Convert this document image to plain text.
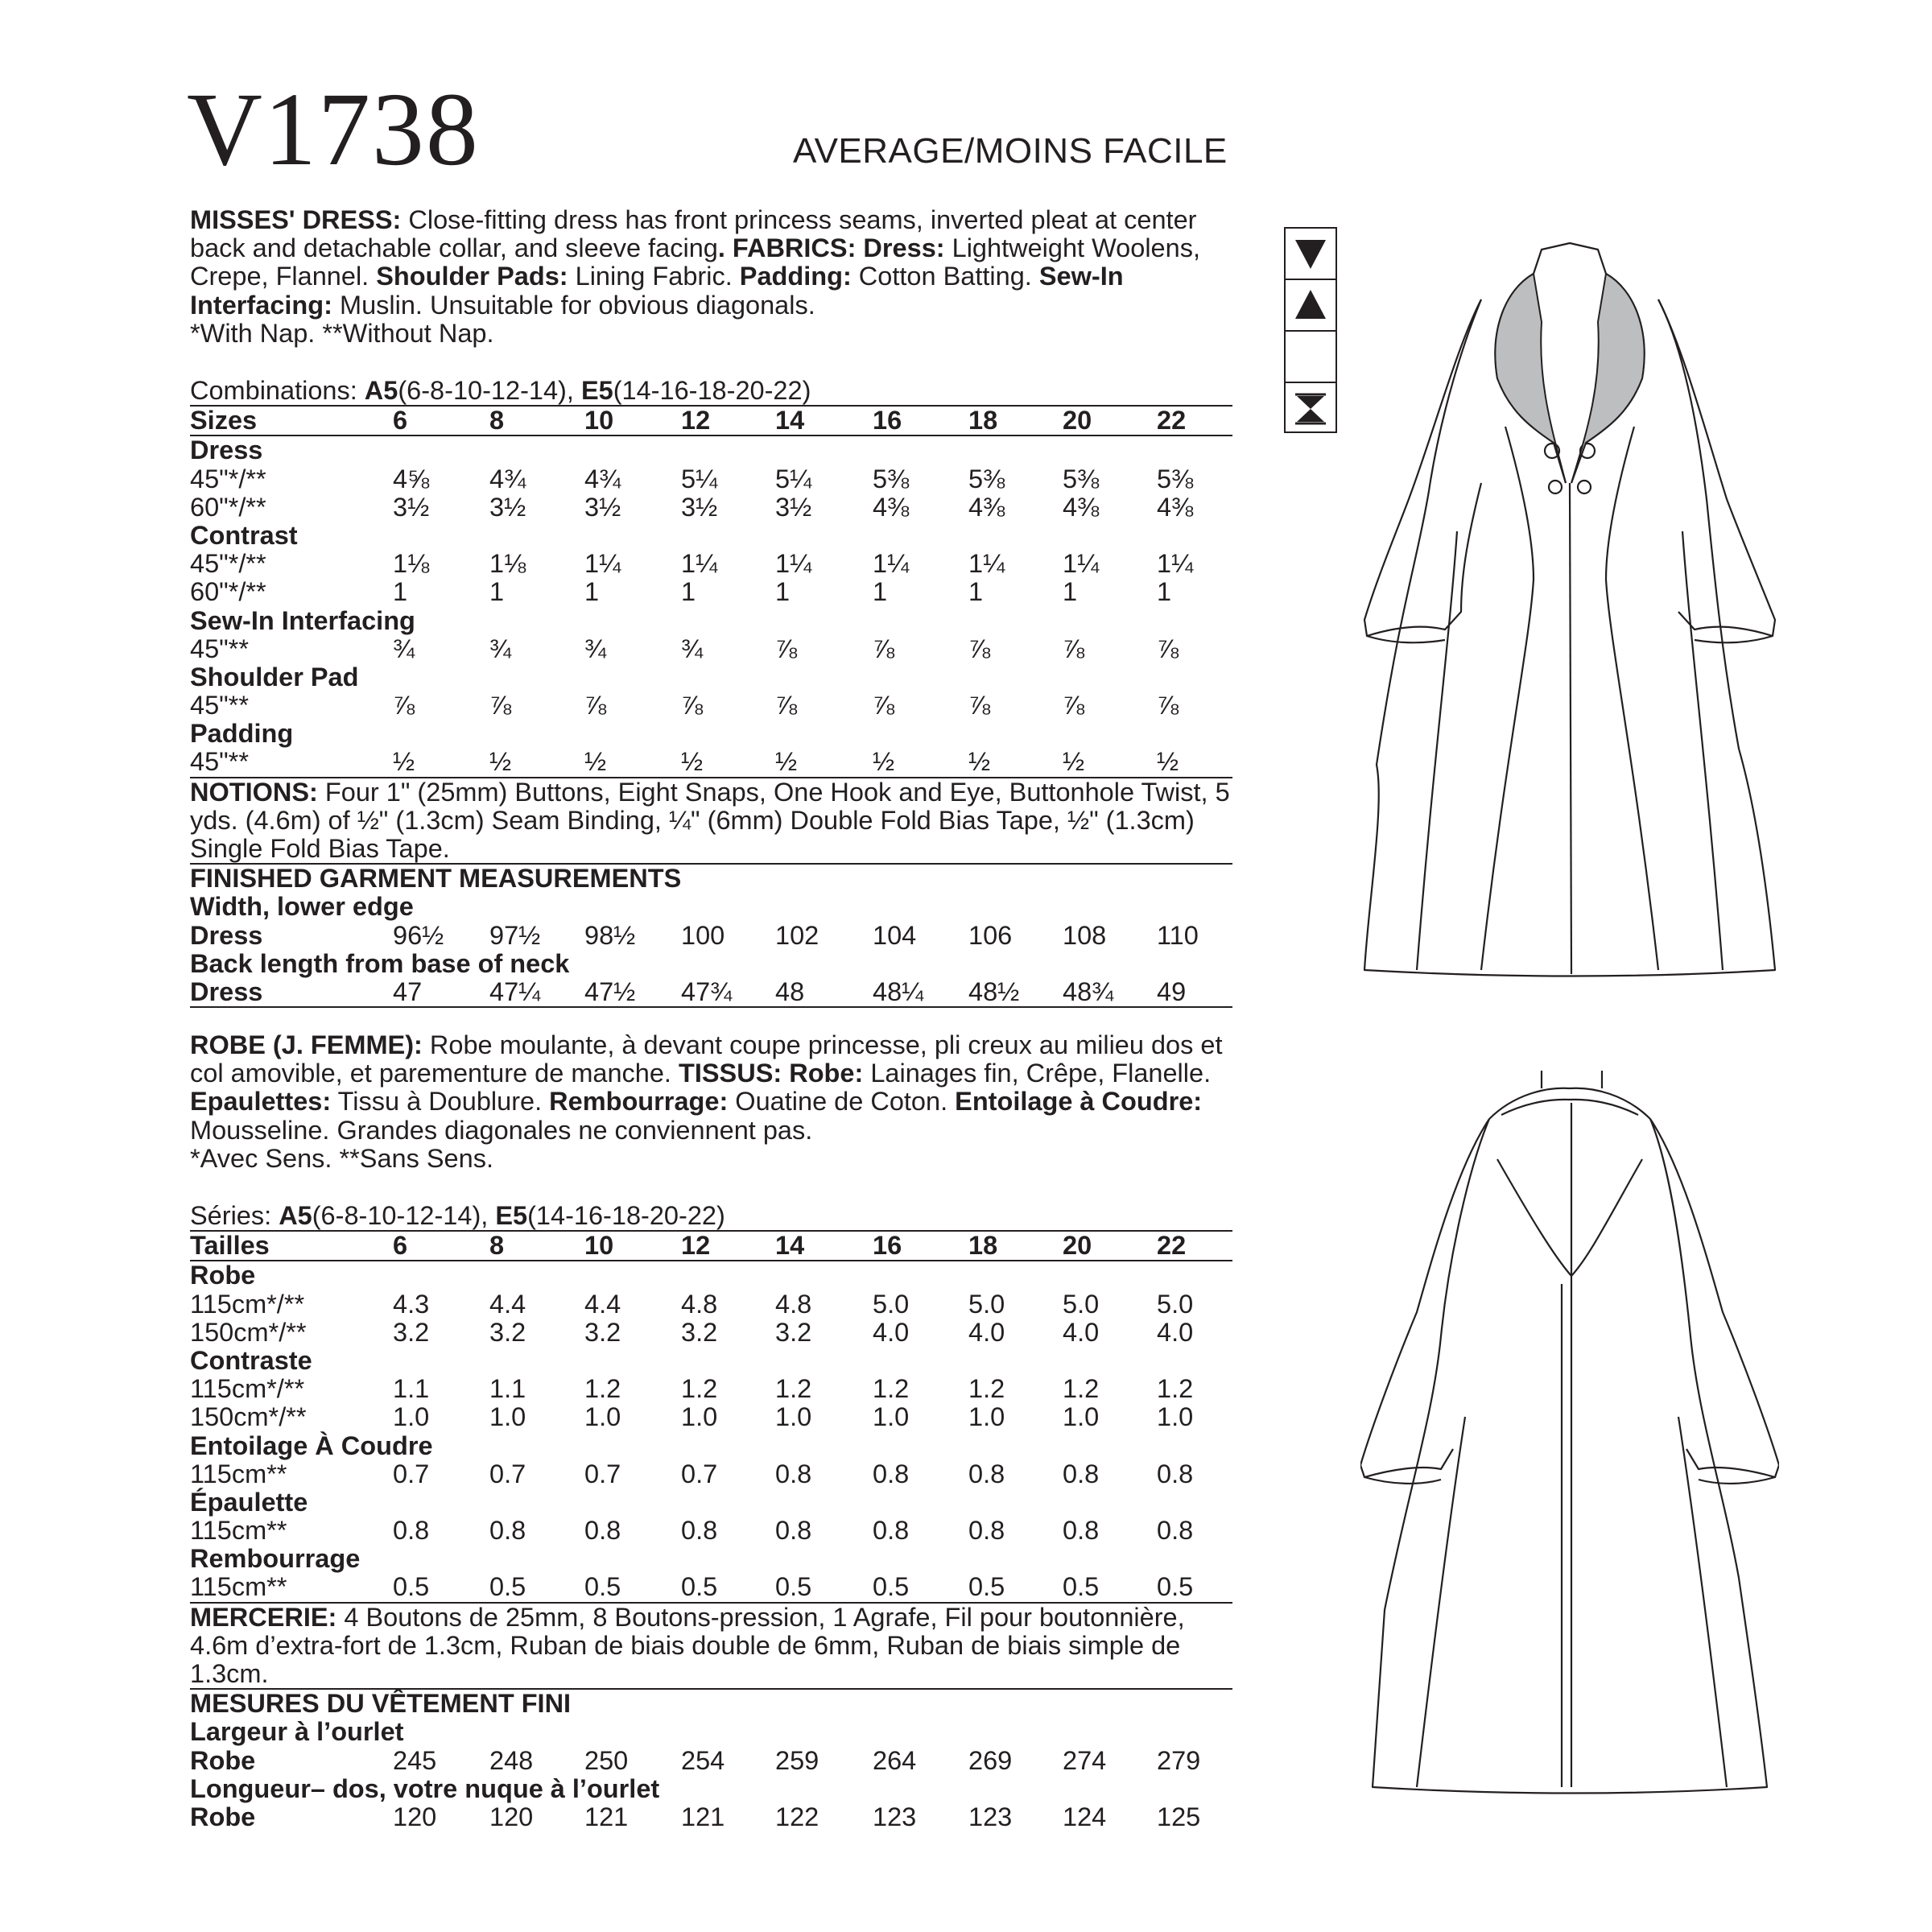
V1738	AVERAGE/MOINS FACILE

MISSES' DRESS: Close-fitting dress has front princess seams, inverted pleat at center back and detachable collar, and sleeve facing. FABRICS: Dress: Lightweight Woolens, Crepe, Flannel. Shoulder Pads: Lining Fabric. Padding: Cotton Batting. Sew-In Interfacing: Muslin. Unsuitable for obvious diagonals.

*With Nap. **Without Nap.

Combinations: A5(6-8-10-12-14), E5(14-16-18-20-22)

Sizes	6	8	10	12 14	16	18 20 22
Dress
45"*/**	4⅝ 4¾ 4¾ 5¼ 5¼ 5⅜ 5⅜ 5⅜ 5⅜
60"*/**	3½ 3½ 3½ 3½ 3½ 4⅜ 4⅜ 4⅜ 4⅜
Contrast
45"*/**	1⅛ 1⅛ 1¼ 1¼ 1¼ 1¼ 1¼ 1¼ 1¼
60"*/**	1	1	1	1	1	1	1	1	1
Sew-In Interfacing
45"**	¾	¾	¾	¾	⅞	⅞	⅞	⅞	⅞
Shoulder Pad
45"**	⅞	⅞	⅞	⅞	⅞	⅞	⅞	⅞	⅞
Padding
45"**	½	½	½	½	½	½	½	½	½

NOTIONS: Four 1" (25mm) Buttons, Eight Snaps, One Hook and Eye, Buttonhole Twist, 5 yds. (4.6m) of ½" (1.3cm) Seam Binding, ¼" (6mm) Double Fold Bias Tape, ½" (1.3cm) Single Fold Bias Tape.

FINISHED GARMENT MEASUREMENTS
Width, lower edge
Dress	96½ 97½ 98½ 100 102 104 106 108 110
Back length from base of neck
Dress	47	47¼ 47½ 47¾ 48	48¼ 48½ 48¾ 49

ROBE (J. FEMME): Robe moulante, à devant coupe princesse, pli creux au milieu dos et col amovible, et parementure de manche. TISSUS: Robe: Lainages fin, Crêpe, Flanelle. Epaulettes: Tissu à Doublure. Rembourrage: Ouatine de Coton. Entoilage à Coudre: Mousseline. Grandes diagonales ne conviennent pas.

*Avec Sens. **Sans Sens.

Séries: A5(6-8-10-12-14), E5(14-16-18-20-22)

Tailles	6	8	10	12 14	16	18 20 22
Robe
115cm*/**	4.3 4.4 4.4 4.8 4.8 5.0 5.0 5.0 5.0
150cm*/**	3.2 3.2 3.2 3.2 3.2 4.0 4.0 4.0 4.0
Contraste
115cm*/**	1.1 1.1 1.2 1.2 1.2 1.2 1.2 1.2 1.2
150cm*/**	1.0 1.0 1.0 1.0 1.0 1.0 1.0 1.0 1.0
Entoilage À Coudre
115cm**	0.7 0.7 0.7 0.7 0.8 0.8 0.8 0.8 0.8
Épaulette
115cm**	0.8 0.8 0.8 0.8 0.8 0.8 0.8 0.8 0.8
Rembourrage
115cm**	0.5 0.5 0.5 0.5 0.5 0.5 0.5 0.5 0.5

MERCERIE: 4 Boutons de 25mm, 8 Boutons-pression, 1 Agrafe, Fil pour boutonnière, 4.6m d’extra-fort de 1.3cm, Ruban de biais double de 6mm, Ruban de biais simple de 1.3cm.

MESURES DU VÊTEMENT FINI
Largeur à l’ourlet
Robe	245 248 250 254 259 264 269 274 279
Longueur– dos, votre nuque à l’ourlet
Robe	120 120 121 121 122 123 123 124 125
